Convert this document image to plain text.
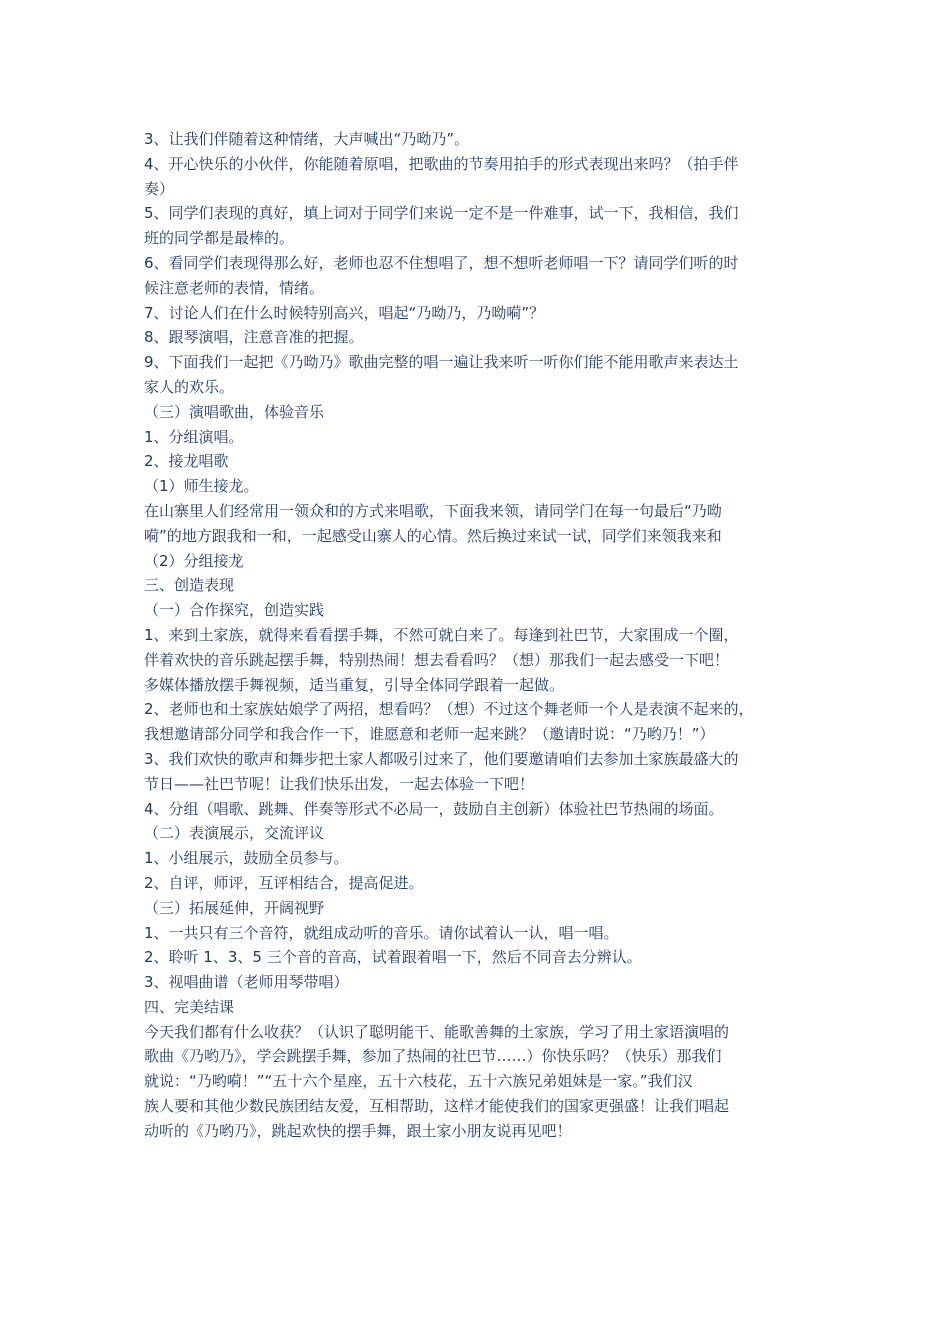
3、让我们伴随着这种情绪，大声喊出“乃呦乃”。
4、开心快乐的小伙伴，你能随着原唱，把歌曲的节奏用拍手的形式表现出来吗？（拍手伴
奏）
5、同学们表现的真好，填上词对于同学们来说一定不是一件难事，试一下，我相信，我们
班的同学都是最棒的。
6、看同学们表现得那么好，老师也忍不住想唱了，想不想听老师唱一下？请同学们听的时
候注意老师的表情，情绪。
7、讨论人们在什么时候特别高兴，唱起“乃呦乃，乃呦嗬”？
8、跟琴演唱，注意音准的把握。
9、下面我们一起把《乃呦乃》歌曲完整的唱一遍让我来听一听你们能不能用歌声来表达土
家人的欢乐。
（三）演唱歌曲，体验音乐
1、分组演唱。
2、接龙唱歌
（1）师生接龙。
在山寨里人们经常用一领众和的方式来唱歌，下面我来领，请同学门在每一句最后“乃呦
嗬”的地方跟我和一和，一起感受山寨人的心情。然后换过来试一试，同学们来领我来和
（2）分组接龙
三、创造表现
（一）合作探究，创造实践
1、来到土家族，就得来看看摆手舞，不然可就白来了。每逢到社巴节，大家围成一个圈，
伴着欢快的音乐跳起摆手舞，特别热闹！想去看看吗？（想）那我们一起去感受一下吧！
多媒体播放摆手舞视频，适当重复，引导全体同学跟着一起做。
2、老师也和土家族姑娘学了两招，想看吗？（想）不过这个舞老师一个人是表演不起来的，
我想邀请部分同学和我合作一下，谁愿意和老师一起来跳？（邀请时说：“乃哟乃！”）
3、我们欢快的歌声和舞步把土家人都吸引过来了，他们要邀请咱们去参加土家族最盛大的
节日——社巴节呢！让我们快乐出发，一起去体验一下吧！
4、分组（唱歌、跳舞、伴奏等形式不必局一，鼓励自主创新）体验社巴节热闹的场面。
（二）表演展示，交流评议
1、小组展示，鼓励全员参与。
2、自评，师评，互评相结合，提高促进。
（三）拓展延伸，开阔视野
1、一共只有三个音符，就组成动听的音乐。请你试着认一认，唱一唱。
2、聆听 1、3、5 三个音的音高，试着跟着唱一下，然后不同音去分辨认。
3、视唱曲谱（老师用琴带唱）
四、完美结课
今天我们都有什么收获？（认识了聪明能干、能歌善舞的土家族，学习了用土家语演唱的
歌曲《乃哟乃》，学会跳摆手舞，参加了热闹的社巴节……）你快乐吗？（快乐）那我们
就说：“乃哟嗬！”“五十六个星座，五十六枝花，五十六族兄弟姐妹是一家。”我们汉
族人要和其他少数民族团结友爱，互相帮助，这样才能使我们的国家更强盛！让我们唱起
动听的《乃哟乃》，跳起欢快的摆手舞，跟土家小朋友说再见吧！
